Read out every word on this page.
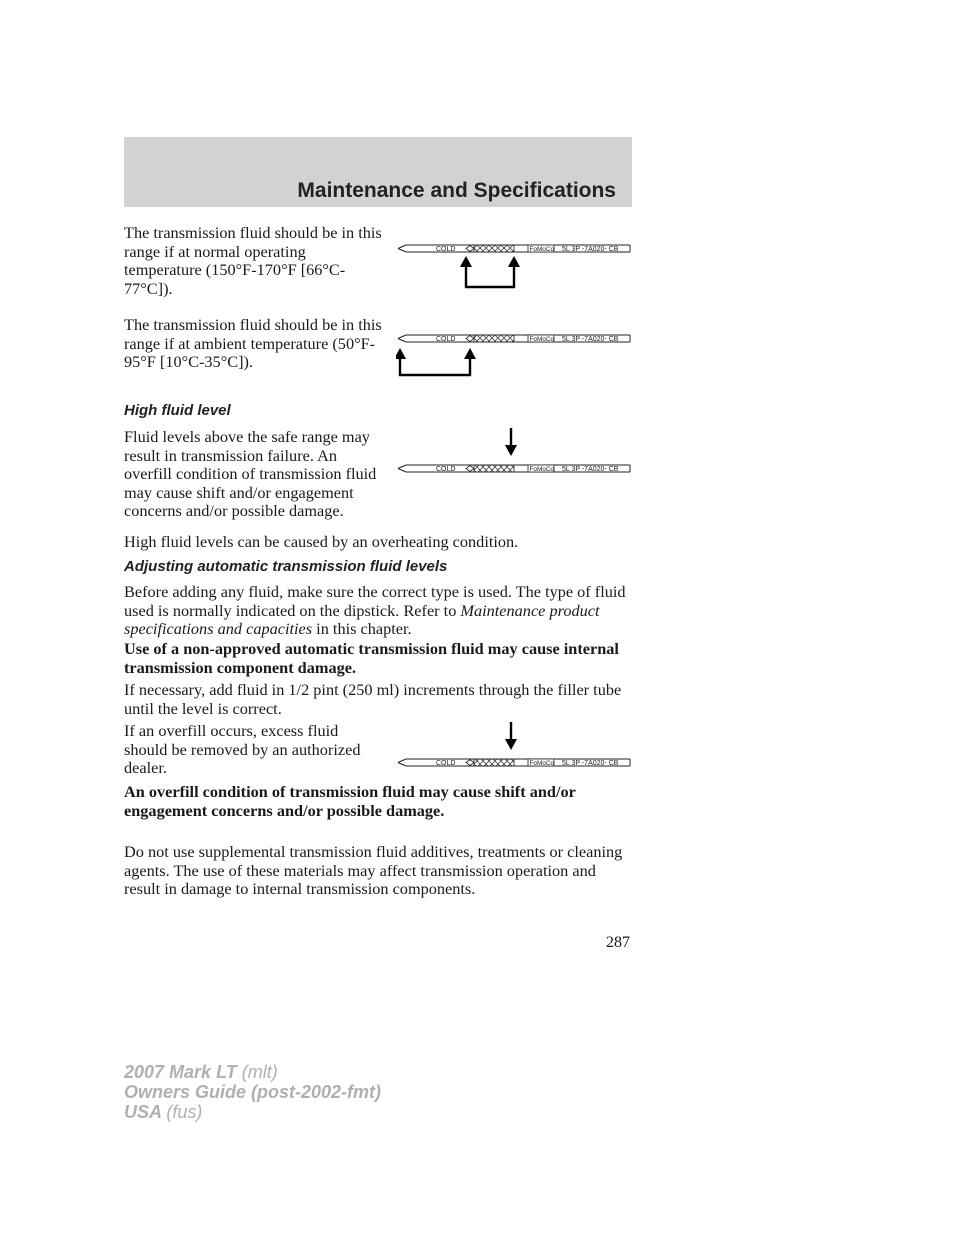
Maintenance and Specifications

The transmission fluid should be in this range if at normal operating temperature (150°F-170°F [66°C-77°C]).

COLD	FoMoCo 5L 3P -7A020- CB

The transmission fluid should be in this range if at ambient temperature (50°F-95°F [10°C-35°C]).

COLD	FoMoCo 5L 3P -7A020- CB
High fluid level

Fluid levels above the safe range may result in transmission failure. An overfill condition of transmission fluid may cause shift and/or engagement concerns and/or possible damage.

COLD	FoMoCo 5L 3P -7A020- CB

High fluid levels can be caused by an overheating condition.

Adjusting automatic transmission fluid levels

Before adding any fluid, make sure the correct type is used. The type of fluid used is normally indicated on the dipstick. Refer to Maintenance product specifications and capacities in this chapter.

Use of a non-approved automatic transmission fluid may cause internal transmission component damage.

If necessary, add fluid in 1/2 pint (250 ml) increments through the filler tube until the level is correct.

If an overfill occurs, excess fluid should be removed by an authorized dealer.	COLD	FoMoCo 5L 3P -7A020- CB

An overfill condition of transmission fluid may cause shift and/or engagement concerns and/or possible damage.

Do not use supplemental transmission fluid additives, treatments or cleaning agents. The use of these materials may affect transmission operation and result in damage to internal transmission components.

287
2007 Mark LT (mlt)
Owners Guide (post-2002-fmt)
USA (fus)
